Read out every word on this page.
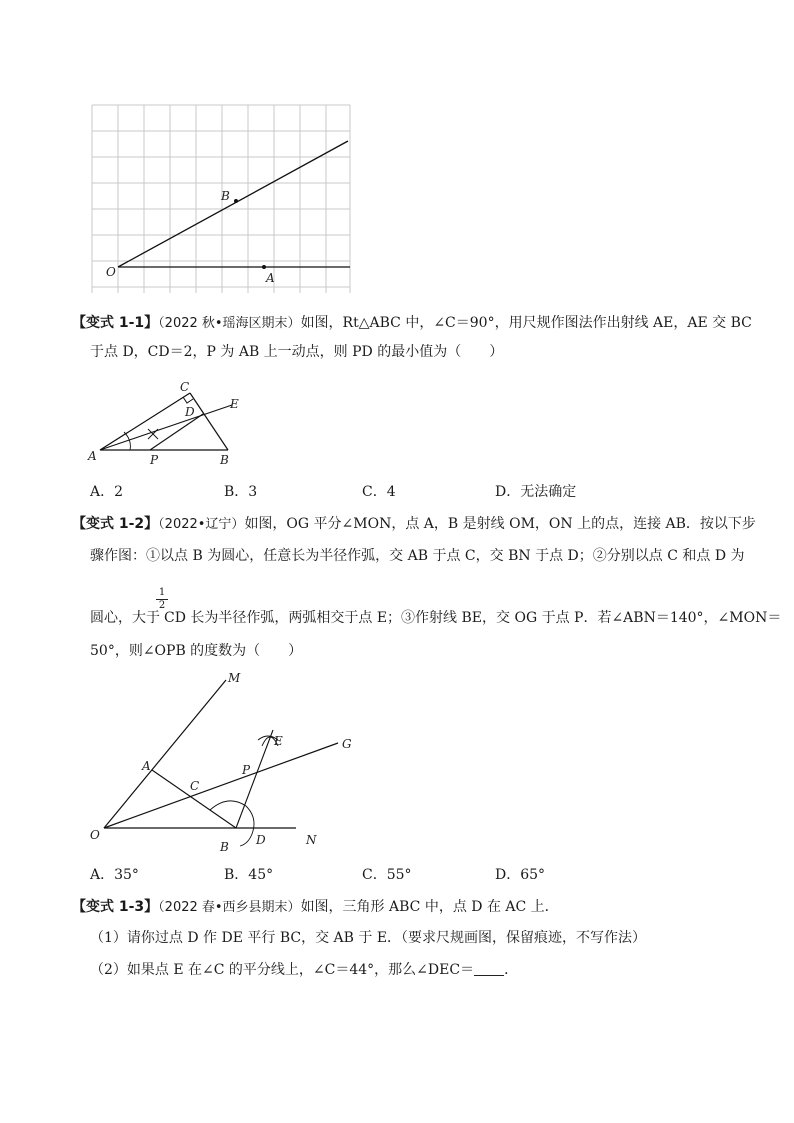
O
B
A
【变式 1-1】（2022 秋•瑶海区期末）如图，Rt△ABC 中，∠C＝90°，用尺规作图法作出射线 AE，AE 交 BC
于点 D，CD＝2，P 为 AB 上一动点，则 PD 的最小值为（　　）
A	B
C
D
E
P
A．2	B．3	C．4	D．无法确定
【变式 1-2】（2022•辽宁）如图，OG 平分∠MON，点 A，B 是射线 OM，ON 上的点，连接 AB．按以下步
骤作图：①以点 B 为圆心，任意长为半径作弧，交 AB 于点 C，交 BN 于点 D；②分别以点 C 和点 D 为
1
2
圆心，大于 CD 长为半径作弧，两弧相交于点 E；③作射线 BE，交 OG 于点 P．若∠ABN＝140°，∠MON＝
50°，则∠OPB 的度数为（　　）
M
A
C
P
E	G
O
B D	N
A．35°	B．45°	C．55°	D．65°
【变式 1-3】（2022 春•西乡县期末）如图，三角形 ABC 中，点 D 在 AC 上．
（1）请你过点 D 作 DE 平行 BC，交 AB 于 E．（要求尺规画图，保留痕迹，不写作法）
（2）如果点 E 在∠C 的平分线上，∠C＝44°，那么∠DEC＝ ．
